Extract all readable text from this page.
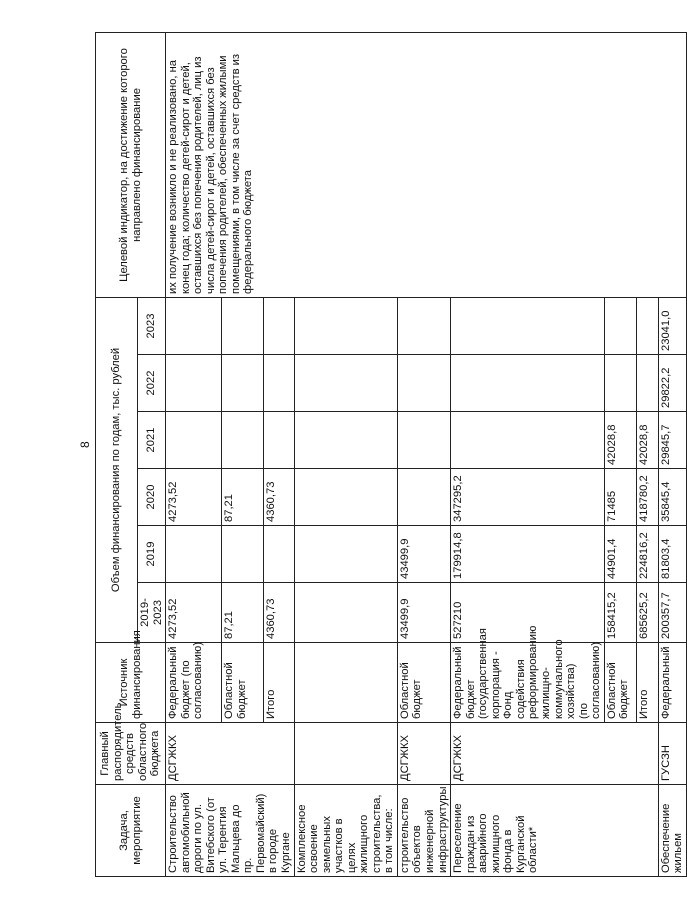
8
Задача, мероприятие	Главный распорядитель средств областного бюджета	Источник финансирования	Объем финансирования по годам, тыс. рублей						Целевой индикатор, на достижение которого направлено финансирование
			2019-2023	2019	2020	2021	2022	2023	
Строительство автомобильной дороги по ул. Витебского (от ул. Терентия Мальцева до пр. Первомайский) в городе Кургане	ДСГЖКХ	Федеральный бюджет (по согласованию)	4273,52		4273,52				их получение возникло и не реализовано, на конец года; количество детей-сирот и детей, оставшихся без попечения родителей, лиц из числа детей-сирот и детей, оставшихся без попечения родителей, обеспеченных жилыми помещениями, в том числе за счет средств из федерального бюджета
		Областной бюджет	87,21		87,21				
		Итого	4360,73		4360,73				
Комплексное освоение земельных участков в целях жилищного строительства, в том числе:									
строительство объектов инженерной инфраструктуры	ДСГЖКХ	Областной бюджет	43499,9	43499,9					
Переселение граждан из аварийного жилищного фонда в Курганской области*	ДСГЖКХ	Федеральный бюджет (государственная корпорация - Фонд содействия реформированию жилищно-коммунального хозяйства) (по согласованию)	527210	179914,8	347295,2				
		Областной бюджет	158415,2	44901,4	71485	42028,8			
		Итого	685625,2	224816,2	418780,2	42028,8			
Обеспечение жильем	ГУСЗН	Федеральный	200357,7	81803,4	35845,4	29845,7	29822,2	23041,0	
